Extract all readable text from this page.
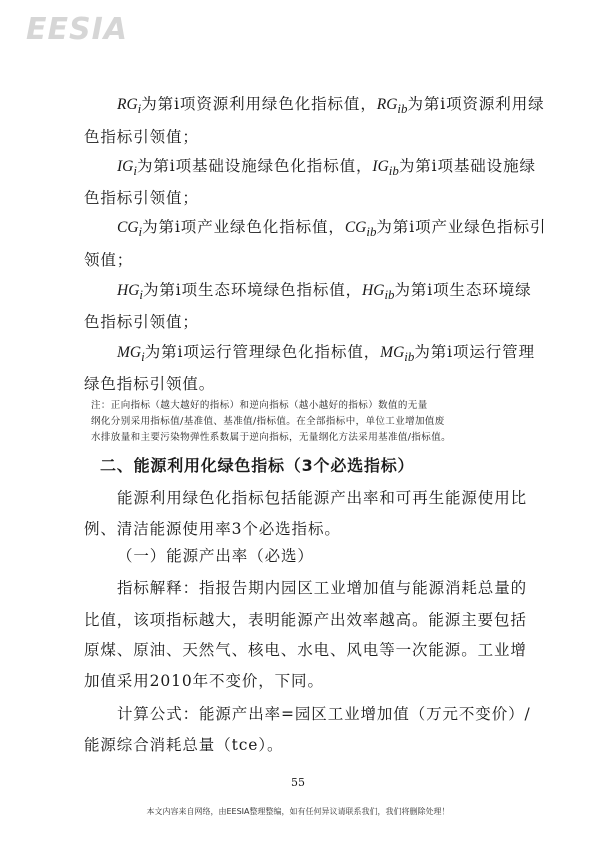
EESIA
$RG_i$为第i项资源利用绿色化指标值，$RG_{ib}$为第i项资源利用绿
色指标引领值；
$IG_i$为第i项基础设施绿色化指标值，$IG_{ib}$为第i项基础设施绿
色指标引领值；
$CG_i$为第i项产业绿色化指标值，$CG_{ib}$为第i项产业绿色指标引
领值；
$HG_i$为第i项生态环境绿色指标值，$HG_{ib}$为第i项生态环境绿
色指标引领值；
$MG_i$为第i项运行管理绿色化指标值，$MG_{ib}$为第i项运行管理
绿色指标引领值。
注：正向指标（越大越好的指标）和逆向指标（越小越好的指标）数值的无量
纲化分别采用指标值/基准值、基准值/指标值。在全部指标中，单位工业增加值废
水排放量和主要污染物弹性系数属于逆向指标，无量纲化方法采用基准值/指标值。
二、能源利用化绿色指标（3个必选指标）
能源利用绿色化指标包括能源产出率和可再生能源使用比
例、清洁能源使用率3个必选指标。
（一）能源产出率（必选）
指标解释：指报告期内园区工业增加值与能源消耗总量的
比值，该项指标越大，表明能源产出效率越高。能源主要包括
原煤、原油、天然气、核电、水电、风电等一次能源。工业增
加值采用2010年不变价，下同。
计算公式：能源产出率=园区工业增加值（万元不变价）/
能源综合消耗总量（tce）。
55
本文内容来自网络，由EESIA整理整编，如有任何异议请联系我们，我们将删除处理！
